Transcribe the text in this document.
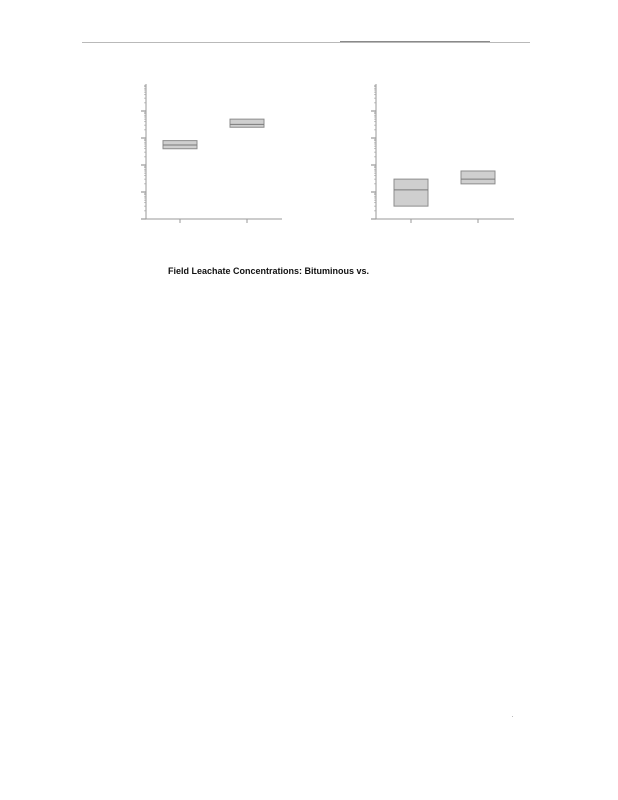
Field Leachate Concentrations: Bituminous vs.
